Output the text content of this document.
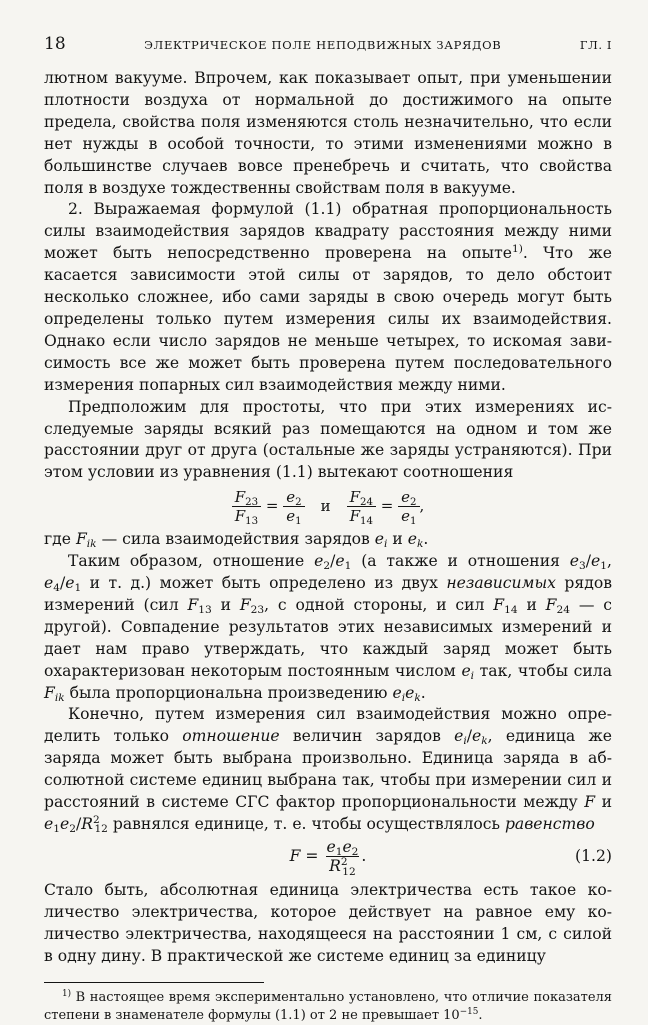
18	ЭЛЕКТРИЧЕСКОЕ ПОЛЕ НЕПОДВИЖНЫХ ЗАРЯДОВ	ГЛ. I

лютном вакууме. Впрочем, как показывает опыт, при уменьшении плотности воздуха от нормальной до достижимого на опыте предела, свойства поля изменяются столь незначительно, что если нет нужды в особой точности, то этими изменениями можно в большинстве случаев вовсе пренебречь и считать, что свойства поля в воздухе тождественны свойствам поля в вакууме.

2. Выражаемая формулой (1.1) обратная пропорциональность силы взаимодействия зарядов квадрату расстояния между ними может быть непосредственно проверена на опыте$^{1)}$. Что же касается зависимости этой силы от зарядов, то дело обстоит несколько сложнее, ибо сами заряды в свою очередь могут быть определены только путем измерения силы их взаимодействия. Однако если число зарядов не меньше четырех, то искомая зависимость все же может быть проверена путем последовательного измерения попарных сил взаимодействия между ними.

Предположим для простоты, что при этих измерениях исследуемые заряды всякий раз помещаются на одном и том же расстоянии друг от друга (остальные же заряды устраняются). При этом условии из уравнения (1.1) вытекают соотношения

$\frac{F_{23}}{F_{13}} = \frac{e_2}{e_1}$ и $\frac{F_{24}}{F_{14}} = \frac{e_2}{e_1}$ ,

где $F_{ik}$ — сила взаимодействия зарядов $e_i$ и $e_k$.

Таким образом, отношение $e_2/e_1$ (а также и отношения $e_3/e_1$, $e_4/e_1$ и т. д.) может быть определено из двух независимых рядов измерений (сил $F_{13}$ и $F_{23}$, с одной стороны, и сил $F_{14}$ и $F_{24}$ — с другой). Совпадение результатов этих независимых измерений и дает нам право утверждать, что каждый заряд может быть охарактеризован некоторым постоянным числом $e_i$ так, чтобы сила $F_{ik}$ была пропорциональна произведению $e_ie_k$.

Конечно, путем измерения сил взаимодействия можно определить только отношение величин зарядов $e_i/e_k$, единица же заряда может быть выбрана произвольно. Единица заряда в абсолютной системе единиц выбрана так, чтобы при измерении сил и расстояний в системе СГС фактор пропорциональности между F и $e_1e_2/R^2_{12}$ равнялся единице, т. е. чтобы осуществлялось равенство

F
=
$\frac{e_1e_2}{R^2_{12}}$ .	(1.2)

Стало быть, абсолютная единица электричества есть такое количество электричества, которое действует на равное ему количество электричества, находящееся на расстоянии 1 см, с силой в одну дину. В практической же системе единиц за единицу

$^{1)}$ В настоящее время экспериментально установлено, что отличие показателя степени в знаменателе формулы (1.1) от 2 не превышает $10^{-15}$.
